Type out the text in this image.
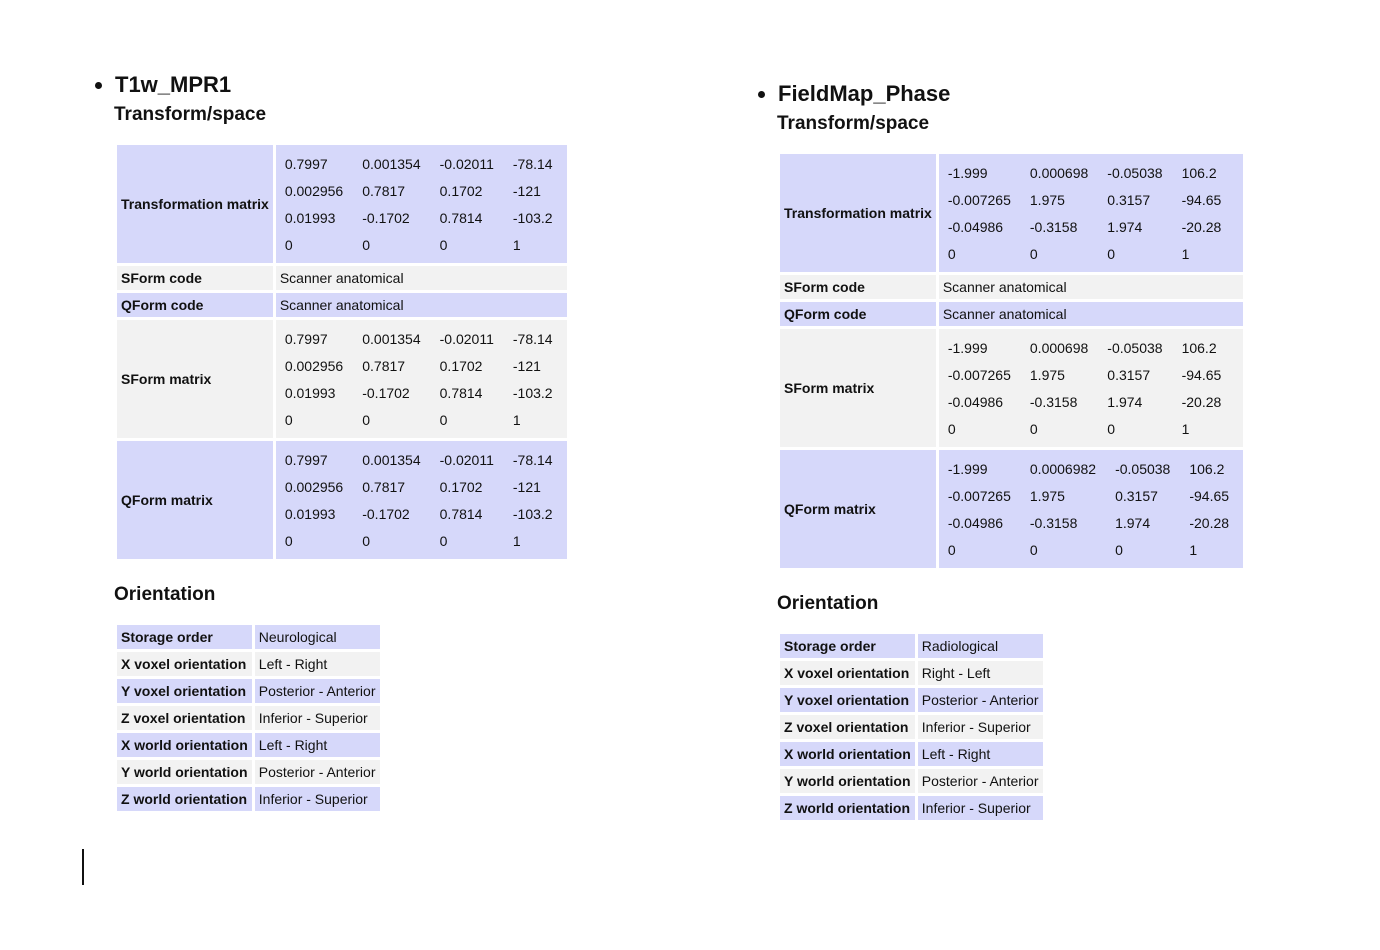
T1w_MPR1
Transform/space
Transformation matrix	
0.7997	0.001354	-0.02011	-78.14
0.002956	0.7817	0.1702	-121
0.01993	-0.1702	0.7814	-103.2
0	0	0	1

SForm code	Scanner anatomical
QForm code	Scanner anatomical
SForm matrix	
0.7997	0.001354	-0.02011	-78.14
0.002956	0.7817	0.1702	-121
0.01993	-0.1702	0.7814	-103.2
0	0	0	1

QForm matrix	
0.7997	0.001354	-0.02011	-78.14
0.002956	0.7817	0.1702	-121
0.01993	-0.1702	0.7814	-103.2
0	0	0	1
Orientation
Storage order	Neurological
X voxel orientation	Left - Right
Y voxel orientation	Posterior - Anterior
Z voxel orientation	Inferior - Superior
X world orientation	Left - Right
Y world orientation	Posterior - Anterior
Z world orientation	Inferior - Superior
FieldMap_Phase
Transform/space
Transformation matrix	
-1.999	0.000698	-0.05038	106.2
-0.007265	1.975	0.3157	-94.65
-0.04986	-0.3158	1.974	-20.28
0	0	0	1

SForm code	Scanner anatomical
QForm code	Scanner anatomical
SForm matrix	
-1.999	0.000698	-0.05038	106.2
-0.007265	1.975	0.3157	-94.65
-0.04986	-0.3158	1.974	-20.28
0	0	0	1

QForm matrix	
-1.999	0.0006982	-0.05038	106.2
-0.007265	1.975	0.3157	-94.65
-0.04986	-0.3158	1.974	-20.28
0	0	0	1
Orientation
Storage order	Radiological
X voxel orientation	Right - Left
Y voxel orientation	Posterior - Anterior
Z voxel orientation	Inferior - Superior
X world orientation	Left - Right
Y world orientation	Posterior - Anterior
Z world orientation	Inferior - Superior
